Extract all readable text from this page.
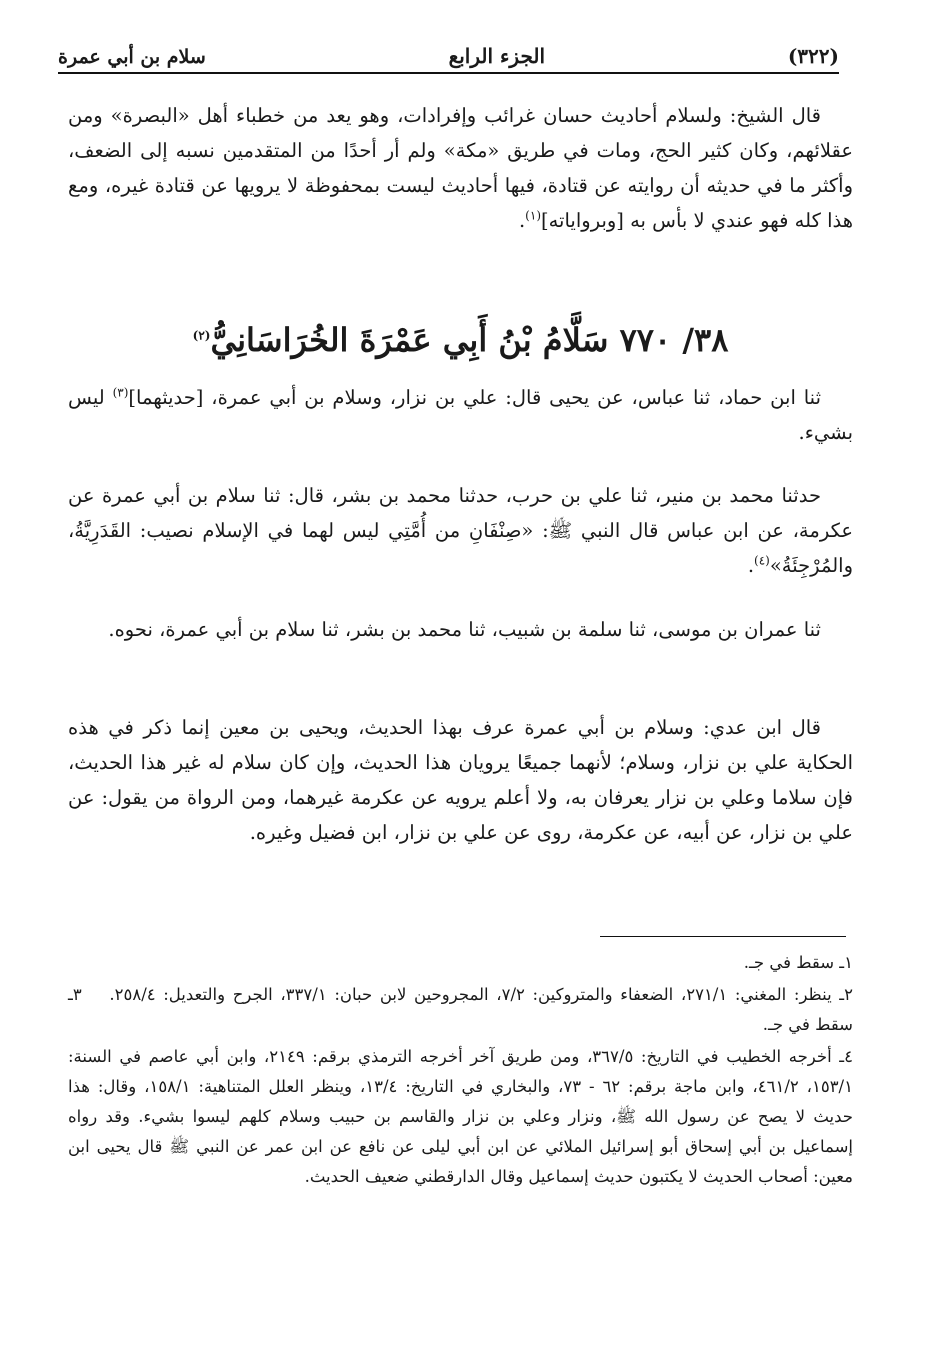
(٣٢٢)
الجزء الرابع
سلام بن أبي عمرة

قال الشيخ: ولسلام أحاديث حسان غرائب وإفرادات، وهو يعد من خطباء أهل «البصرة» ومن عقلائهم، وكان كثير الحج، ومات في طريق «مكة» ولم أر أحدًا من المتقدمين نسبه إلى الضعف، وأكثر ما في حديثه أن روايته عن قتادة، فيها أحاديث ليست بمحفوظة لا يرويها عن قتادة غيره، ومع هذا كله فهو عندي لا بأس به [وبرواياته]$^{(١)}$.

٣٨/ ٧٧٠ سَلَّامُ بْنُ أَبِي عَمْرَةَ الخُرَاسَانِيُّ$^{(٢)}$

ثنا ابن حماد، ثنا عباس، عن يحيى قال: علي بن نزار، وسلام بن أبي عمرة، [حديثهما]$^{(٣)}$ ليس بشيء.

حدثنا محمد بن منير، ثنا علي بن حرب، حدثنا محمد بن بشر، قال: ثنا سلام بن أبي عمرة عن عكرمة، عن ابن عباس قال النبي ﷺ: «صِنْفَانِ من أُمَّتِي ليس لهما في الإسلام نصيب: القَدَرِيَّةُ، والمُرْجِئَةُ»$^{(٤)}$.

ثنا عمران بن موسى، ثنا سلمة بن شبيب، ثنا محمد بن بشر، ثنا سلام بن أبي عمرة، نحوه.

قال ابن عدي: وسلام بن أبي عمرة عرف بهذا الحديث، ويحيى بن معين إنما ذكر في هذه الحكاية علي بن نزار، وسلام؛ لأنهما جميعًا يرويان هذا الحديث، وإن كان سلام له غير هذا الحديث، فإن سلاما وعلي بن نزار يعرفان به، ولا أعلم يرويه عن عكرمة غيرهما، ومن الرواة من يقول: عن علي بن نزار، عن أبيه، عن عكرمة، روى عن علي بن نزار، ابن فضيل وغيره.

١ـ سقط في جـ.

٢ـ ينظر: المغني: ٢٧١/١، الضعفاء والمتروكين: ٧/٢، المجروحين لابن حبان: ٣٣٧/١، الجرح والتعديل: ٢٥٨/٤. ٣ـ سقط في جـ.

٤ـ أخرجه الخطيب في التاريخ: ٣٦٧/٥، ومن طريق آخر أخرجه الترمذي برقم: ٢١٤٩، وابن أبي عاصم في السنة: ١٥٣/١، ٤٦١/٢، وابن ماجة برقم: ٦٢ - ٧٣، والبخاري في التاريخ: ١٣/٤، وينظر العلل المتناهية: ١٥٨/١، وقال: هذا حديث لا يصح عن رسول الله ﷺ، ونزار وعلي بن نزار والقاسم بن حبيب وسلام كلهم ليسوا بشيء. وقد رواه إسماعيل بن أبي إسحاق أبو إسرائيل الملائي عن ابن أبي ليلى عن نافع عن ابن عمر عن النبي ﷺ قال يحيى ابن معين: أصحاب الحديث لا يكتبون حديث إسماعيل وقال الدارقطني ضعيف الحديث.
